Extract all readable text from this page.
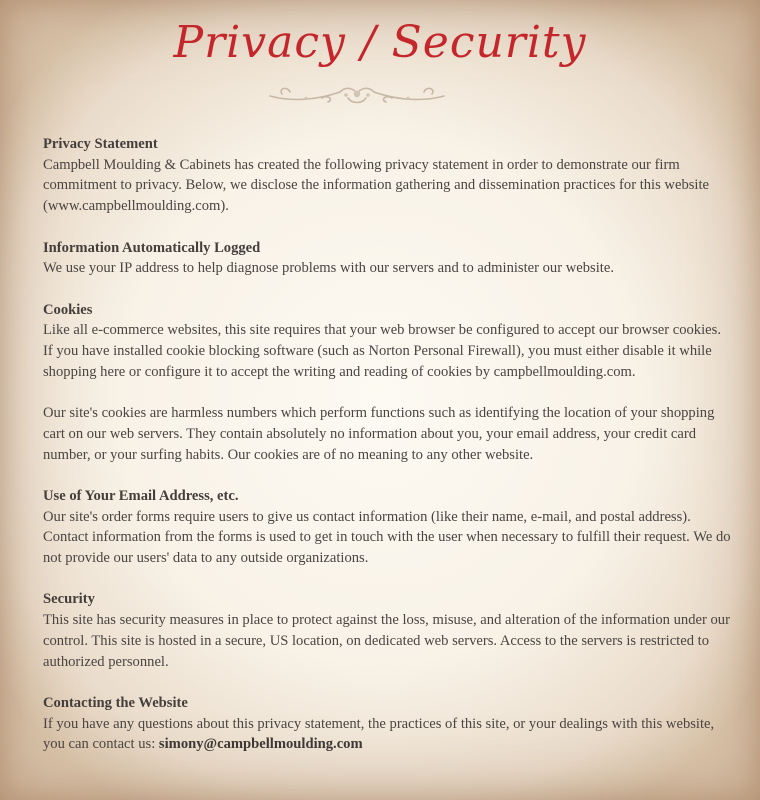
Privacy / Security
Privacy Statement

Campbell Moulding & Cabinets has created the following privacy statement in order to demonstrate our firm commitment to privacy. Below, we disclose the information gathering and dissemination practices for this website (www.campbellmoulding.com).

Information Automatically Logged

We use your IP address to help diagnose problems with our servers and to administer our website.

Cookies

Like all e-commerce websites, this site requires that your web browser be configured to accept our browser cookies. If you have installed cookie blocking software (such as Norton Personal Firewall), you must either disable it while shopping here or configure it to accept the writing and reading of cookies by campbellmoulding.com.

Our site's cookies are harmless numbers which perform functions such as identifying the location of your shopping cart on our web servers. They contain absolutely no information about you, your email address, your credit card number, or your surfing habits. Our cookies are of no meaning to any other website.

Use of Your Email Address, etc.

Our site's order forms require users to give us contact information (like their name, e-mail, and postal address). Contact information from the forms is used to get in touch with the user when necessary to fulfill their request. We do not provide our users' data to any outside organizations.

Security

This site has security measures in place to protect against the loss, misuse, and alteration of the information under our control. This site is hosted in a secure, US location, on dedicated web servers. Access to the servers is restricted to authorized personnel.

Contacting the Website

If you have any questions about this privacy statement, the practices of this site, or your dealings with this website, you can contact us: simony@campbellmoulding.com
